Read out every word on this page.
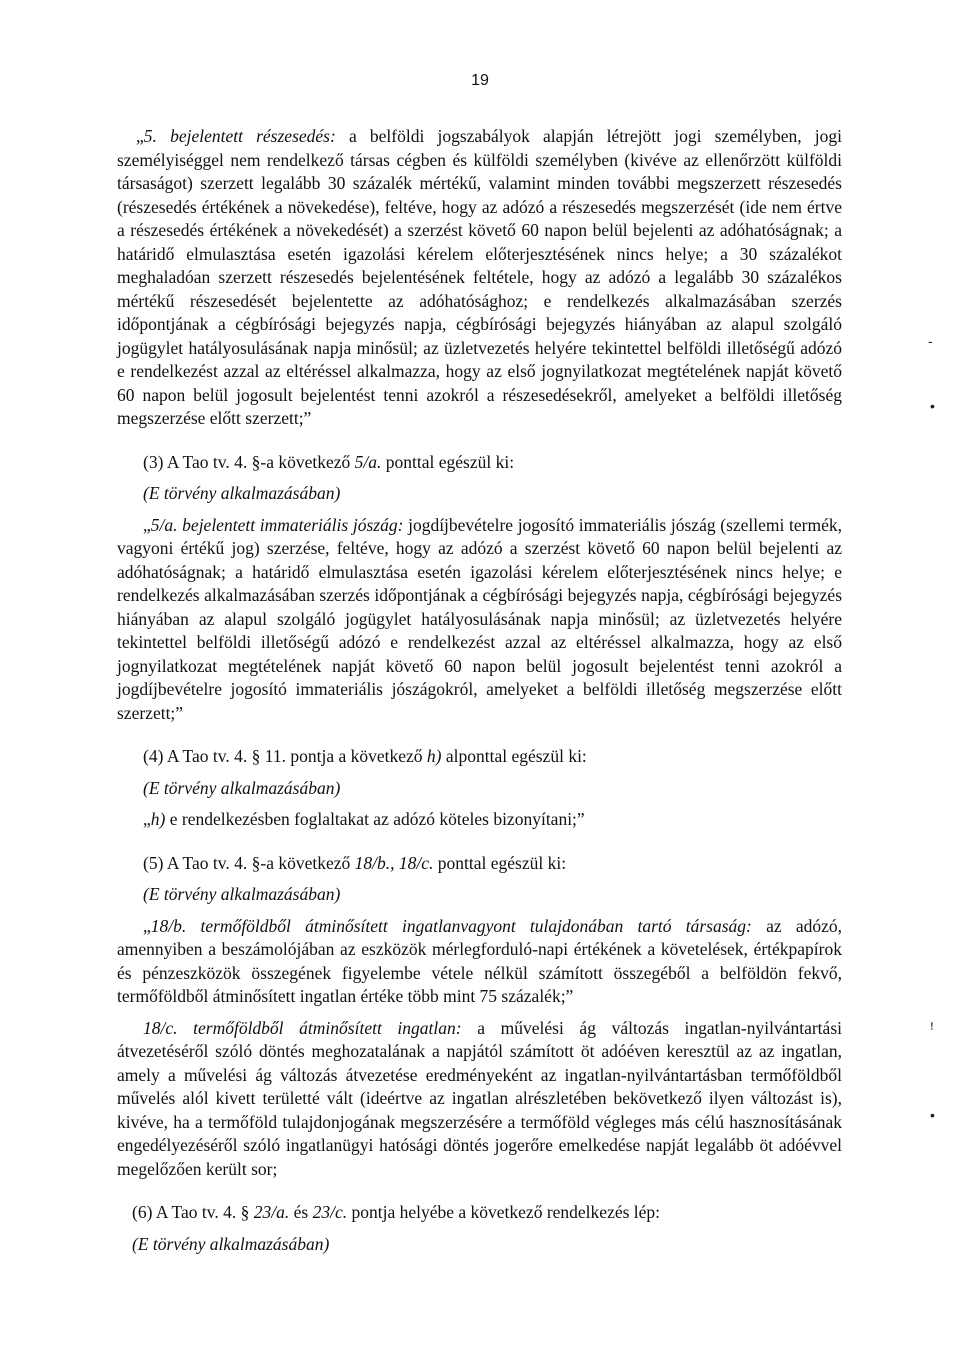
19

„5. bejelentett részesedés: a belföldi jogszabályok alapján létrejött jogi személyben, jogi személyiséggel nem rendelkező társas cégben és külföldi személyben (kivéve az ellenőrzött külföldi társaságot) szerzett legalább 30 százalék mértékű, valamint minden további megszerzett részesedés (részesedés értékének a növekedése), feltéve, hogy az adózó a részesedés megszerzését (ide nem értve a részesedés értékének a növekedését) a szerzést követő 60 napon belül bejelenti az adóhatóságnak; a határidő elmulasztása esetén igazolási kérelem előterjesztésének nincs helye; a 30 százalékot meghaladóan szerzett részesedés bejelentésének feltétele, hogy az adózó a legalább 30 százalékos mértékű részesedését bejelentette az adóhatósághoz; e rendelkezés alkalmazásában szerzés időpontjának a cégbírósági bejegyzés napja, cégbírósági bejegyzés hiányában az alapul szolgáló jogügylet hatályosulásának napja minősül; az üzletvezetés helyére tekintettel belföldi illetőségű adózó e rendelkezést azzal az eltéréssel alkalmazza, hogy az első jognyilatkozat megtételének napját követő 60 napon belül jogosult bejelentést tenni azokról a részesedésekről, amelyeket a belföldi illetőség megszerzése előtt szerzett;”

(3) A Tao tv. 4. §-a következő 5/a. ponttal egészül ki:

(E törvény alkalmazásában)

„5/a. bejelentett immateriális jószág: jogdíjbevételre jogosító immateriális jószág (szellemi termék, vagyoni értékű jog) szerzése, feltéve, hogy az adózó a szerzést követő 60 napon belül bejelenti az adóhatóságnak; a határidő elmulasztása esetén igazolási kérelem előterjesztésének nincs helye; e rendelkezés alkalmazásában szerzés időpontjának a cégbírósági bejegyzés napja, cégbírósági bejegyzés hiányában az alapul szolgáló jogügylet hatályosulásának napja minősül; az üzletvezetés helyére tekintettel belföldi illetőségű adózó e rendelkezést azzal az eltéréssel alkalmazza, hogy az első jognyilatkozat megtételének napját követő 60 napon belül jogosult bejelentést tenni azokról a jogdíjbevételre jogosító immateriális jószágokról, amelyeket a belföldi illetőség megszerzése előtt szerzett;”

(4) A Tao tv. 4. § 11. pontja a következő h) alponttal egészül ki:

(E törvény alkalmazásában)

„h) e rendelkezésben foglaltakat az adózó köteles bizonyítani;”

(5) A Tao tv. 4. §-a következő 18/b., 18/c. ponttal egészül ki:

(E törvény alkalmazásában)

„18/b. termőföldből átminősített ingatlanvagyont tulajdonában tartó társaság: az adózó, amennyiben a beszámolójában az eszközök mérlegforduló-napi értékének a követelések, értékpapírok és pénzeszközök összegének figyelembe vétele nélkül számított összegéből a belföldön fekvő, termőföldből átminősített ingatlan értéke több mint 75 százalék;”

18/c. termőföldből átminősített ingatlan: a művelési ág változás ingatlan-nyilvántartási átvezetéséről szóló döntés meghozatalának a napjától számított öt adóéven keresztül az az ingatlan, amely a művelési ág változás átvezetése eredményeként az ingatlan-nyilvántartásban termőföldből művelés alól kivett területté vált (ideértve az ingatlan alrészletében bekövetkező ilyen változást is), kivéve, ha a termőföld tulajdonjogának megszerzésére a termőföld végleges más célú hasznosításának engedélyezéséről szóló ingatlanügyi hatósági döntés jogerőre emelkedése napját legalább öt adóévvel megelőzően került sor;

(6) A Tao tv. 4. § 23/a. és 23/c. pontja helyébe a következő rendelkezés lép:

(E törvény alkalmazásában)

-
•
ꜝ
•
